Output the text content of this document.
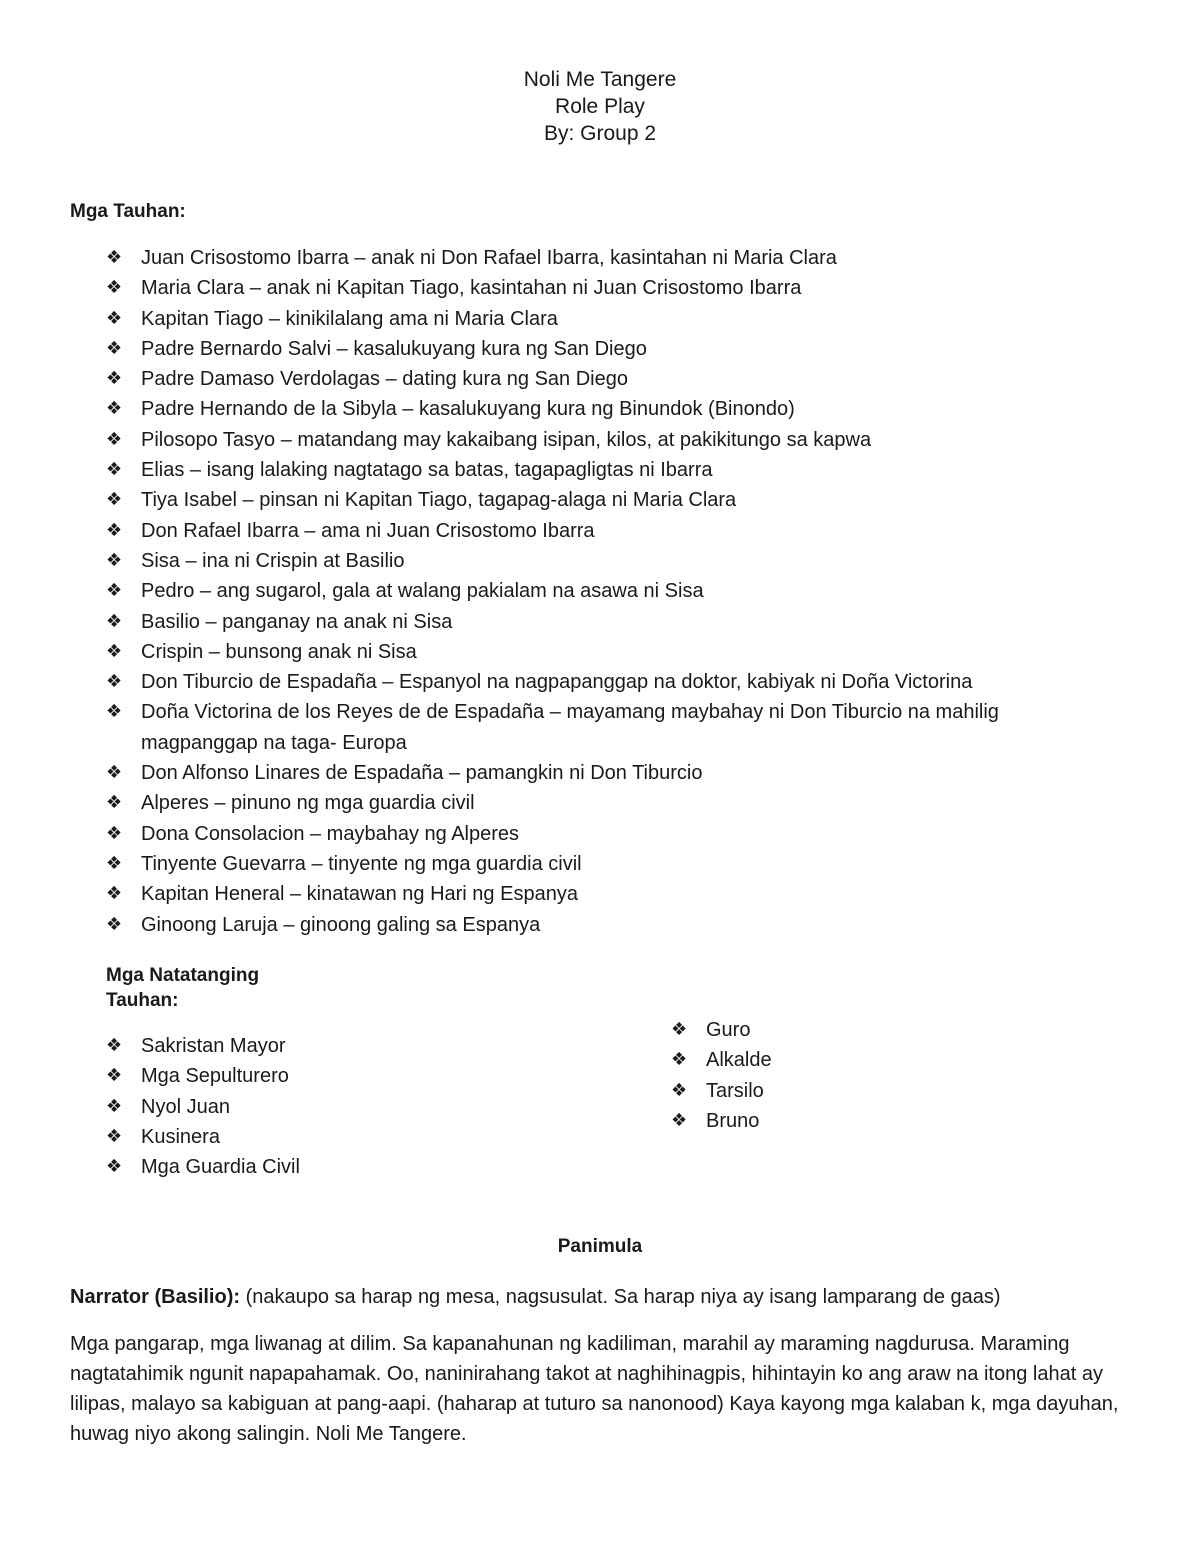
Noli Me Tangere
Role Play
By: Group 2
Mga Tauhan:
❖ Juan Crisostomo Ibarra – anak ni Don Rafael Ibarra, kasintahan ni Maria Clara
❖ Maria Clara – anak ni Kapitan Tiago, kasintahan ni Juan Crisostomo Ibarra
❖ Kapitan Tiago – kinikilalang ama ni Maria Clara
❖ Padre Bernardo Salvi – kasalukuyang kura ng San Diego
❖ Padre Damaso Verdolagas – dating kura ng San Diego
❖ Padre Hernando de la Sibyla – kasalukuyang kura ng Binundok (Binondo)
❖ Pilosopo Tasyo – matandang may kakaibang isipan, kilos, at pakikitungo sa kapwa
❖ Elias – isang lalaking nagtatago sa batas, tagapagligtas ni Ibarra
❖ Tiya Isabel – pinsan ni Kapitan Tiago, tagapag-alaga ni Maria Clara
❖ Don Rafael Ibarra – ama ni Juan Crisostomo Ibarra
❖ Sisa – ina ni Crispin at Basilio
❖ Pedro – ang sugarol, gala at walang pakialam na asawa ni Sisa
❖ Basilio – panganay na anak ni Sisa
❖ Crispin – bunsong anak ni Sisa
❖ Don Tiburcio de Espadaña – Espanyol na nagpapanggap na doktor, kabiyak ni Doña Victorina
❖ Doña Victorina de los Reyes de de Espadaña – mayamang maybahay ni Don Tiburcio na mahilig
magpanggap na taga- Europa
❖ Don Alfonso Linares de Espadaña – pamangkin ni Don Tiburcio
❖ Alperes – pinuno ng mga guardia civil
❖ Dona Consolacion – maybahay ng Alperes
❖ Tinyente Guevarra – tinyente ng mga guardia civil
❖ Kapitan Heneral – kinatawan ng Hari ng Espanya
❖ Ginoong Laruja – ginoong galing sa Espanya
Mga Natatanging
Tauhan:
❖ Sakristan Mayor
❖ Mga Sepulturero
❖ Nyol Juan
❖ Kusinera
❖ Mga Guardia Civil
❖ Guro
❖ Alkalde
❖ Tarsilo
❖ Bruno
Panimula
Narrator (Basilio): (nakaupo sa harap ng mesa, nagsusulat. Sa harap niya ay isang lamparang de gaas)
Mga pangarap, mga liwanag at dilim. Sa kapanahunan ng kadiliman, marahil ay maraming nagdurusa. Maraming nagtatahimik ngunit napapahamak. Oo, naninirahang takot at naghihinagpis, hihintayin ko ang araw na itong lahat ay lilipas, malayo sa kabiguan at pang-aapi. (haharap at tuturo sa nanonood) Kaya kayong mga kalaban k, mga dayuhan, huwag niyo akong salingin. Noli Me Tangere.
